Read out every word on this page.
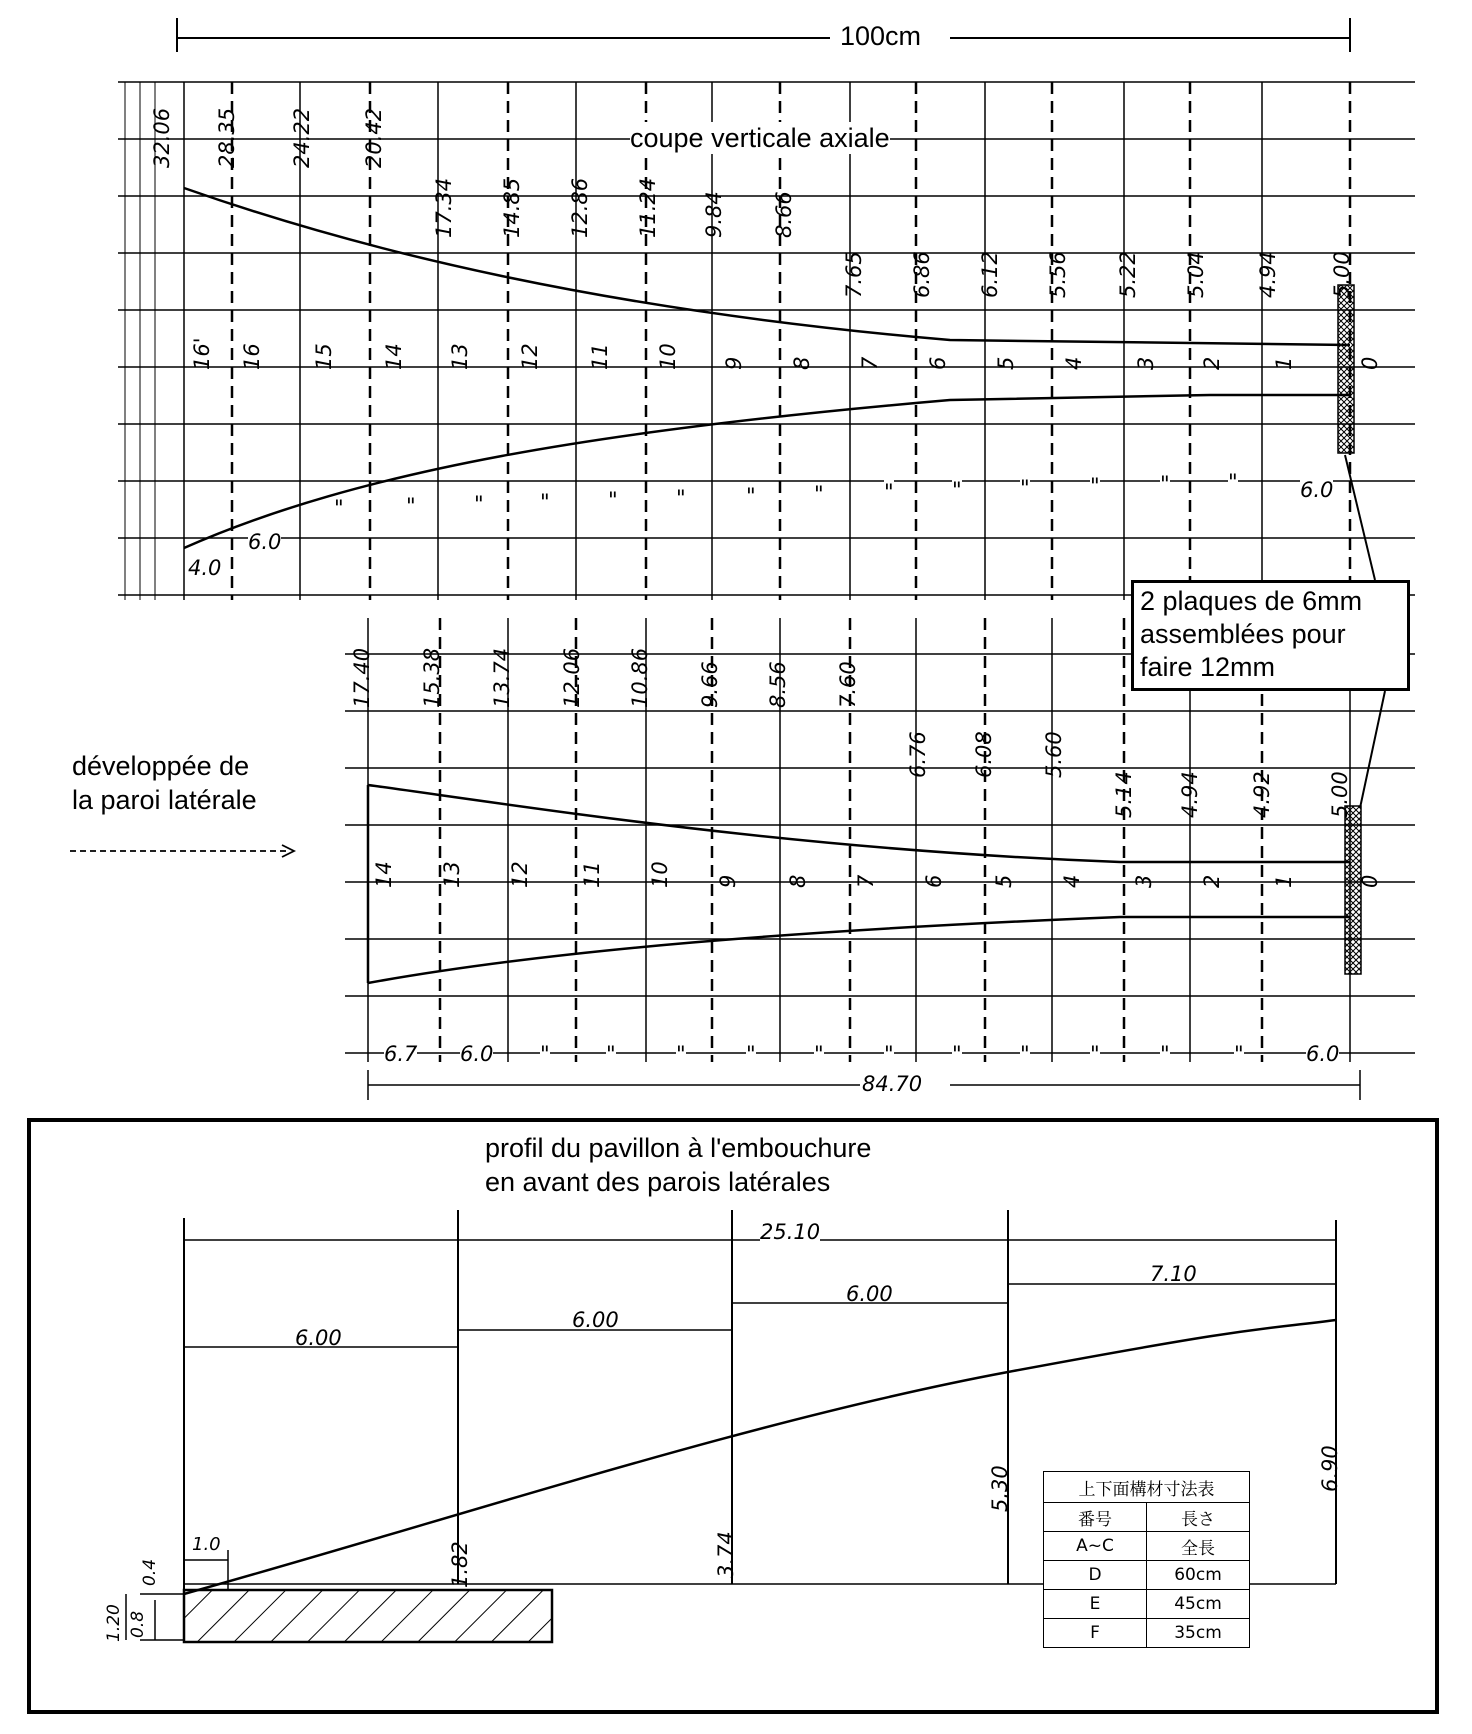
100cm
coupe verticale axiale
32.06 28.35 24.22 20.42
17.34 14.85 12.86 11.24 9.84 8.66
7.65 6.86 6.12 5.56 5.22 5.04 4.94 5.00
16' 16 15 14 13 12 11 10 9 8 7 6 5 4 3 2 1	0
4.0
6.0
"	"	"	"	"	"	"	"	"	"	"	"	"	"	6.0
2 plaques de 6mm
assemblées pour
faire 12mm
développée de
la paroi latérale
17.40 15.38 13.74 12.06 10.86 9.66 8.56 7.60
6.76 6.08 5.60
5.14 4.94 4.92	5.00
14 13 12 11 10 9 8 7 6 5 4 3 2 1	0
6.7 6.0 "	"	"	"	"	"	"	"	"	"	"	6.0
84.70
profil du pavillon à l'embouchure
en avant des parois latérales
25.10
6.00
6.00
6.00
7.10
1.82	3.74
5.30	6.90
1.0
0.4
1.20 0.8
上下面構材寸法表	
番号	長さ
A~C	全長
D	60cm
E	45cm
F	35cm
